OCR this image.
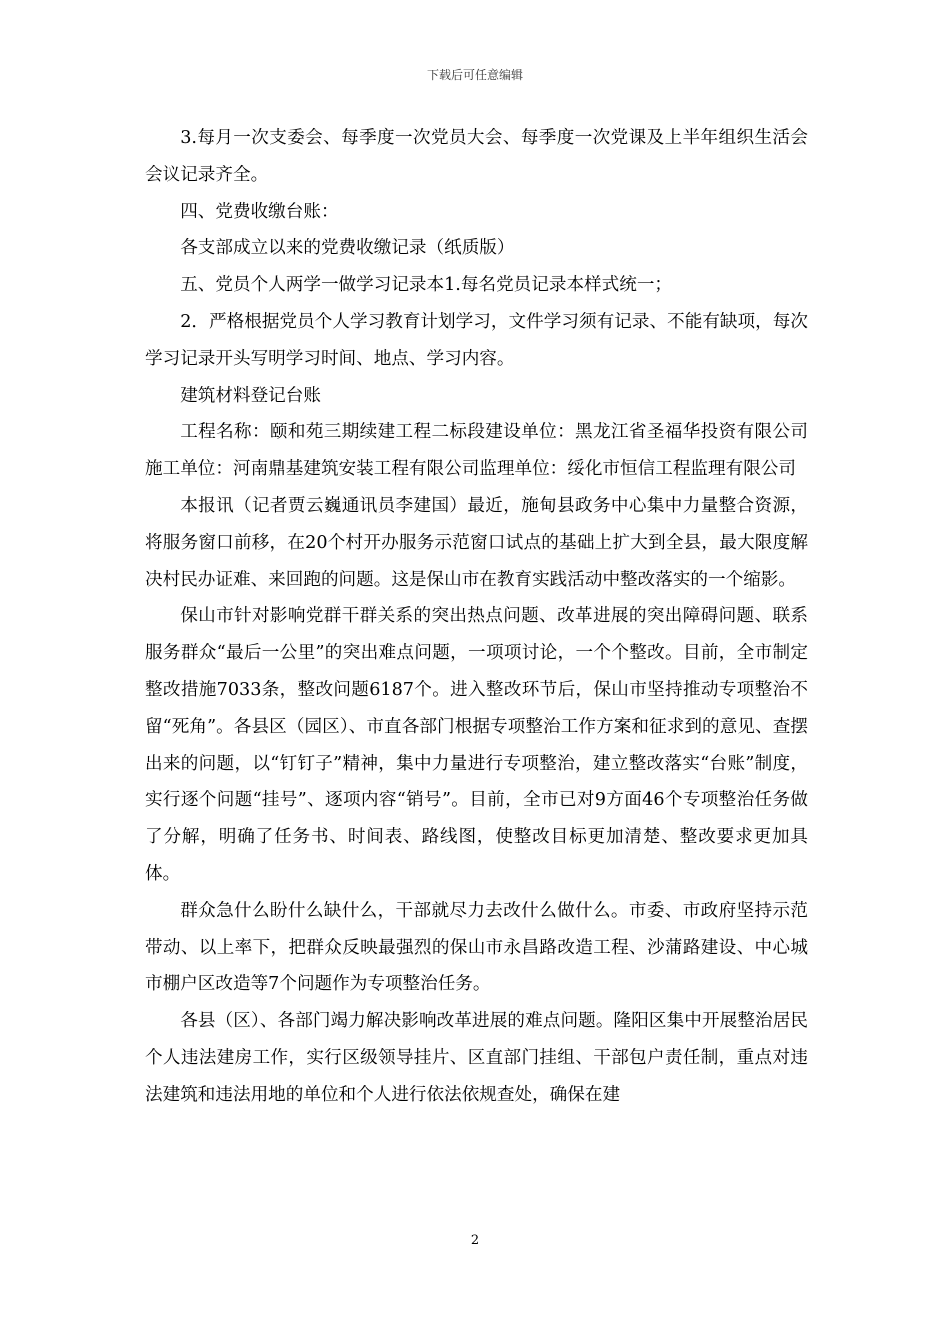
下载后可任意编辑

3.每月一次支委会、每季度一次党员大会、每季度一次党课及上半年组织生活会会议记录齐全。

四、党费收缴台账：

各支部成立以来的党费收缴记录（纸质版）

五、党员个人两学一做学习记录本1.每名党员记录本样式统一；

2．严格根据党员个人学习教育计划学习，文件学习须有记录、不能有缺项，每次学习记录开头写明学习时间、地点、学习内容。

建筑材料登记台账

工程名称：颐和苑三期续建工程二标段建设单位：黑龙江省圣福华投资有限公司施工单位：河南鼎基建筑安装工程有限公司监理单位：绥化市恒信工程监理有限公司

本报讯（记者贾云巍通讯员李建国）最近，施甸县政务中心集中力量整合资源，将服务窗口前移，在20个村开办服务示范窗口试点的基础上扩大到全县，最大限度解决村民办证难、来回跑的问题。这是保山市在教育实践活动中整改落实的一个缩影。

保山市针对影响党群干群关系的突出热点问题、改革进展的突出障碍问题、联系服务群众“最后一公里”的突出难点问题，一项项讨论，一个个整改。目前，全市制定整改措施7033条，整改问题6187个。进入整改环节后，保山市坚持推动专项整治不留“死角”。各县区（园区）、市直各部门根据专项整治工作方案和征求到的意见、查摆出来的问题，以“钉钉子”精神，集中力量进行专项整治，建立整改落实“台账”制度，实行逐个问题“挂号”、逐项内容“销号”。目前，全市已对9方面46个专项整治任务做了分解，明确了任务书、时间表、路线图，使整改目标更加清楚、整改要求更加具体。

群众急什么盼什么缺什么，干部就尽力去改什么做什么。市委、市政府坚持示范带动、以上率下，把群众反映最强烈的保山市永昌路改造工程、沙蒲路建设、中心城市棚户区改造等7个问题作为专项整治任务。

各县（区）、各部门竭力解决影响改革进展的难点问题。隆阳区集中开展整治居民个人违法建房工作，实行区级领导挂片、区直部门挂组、干部包户责任制，重点对违法建筑和违法用地的单位和个人进行依法依规查处，确保在建

2
